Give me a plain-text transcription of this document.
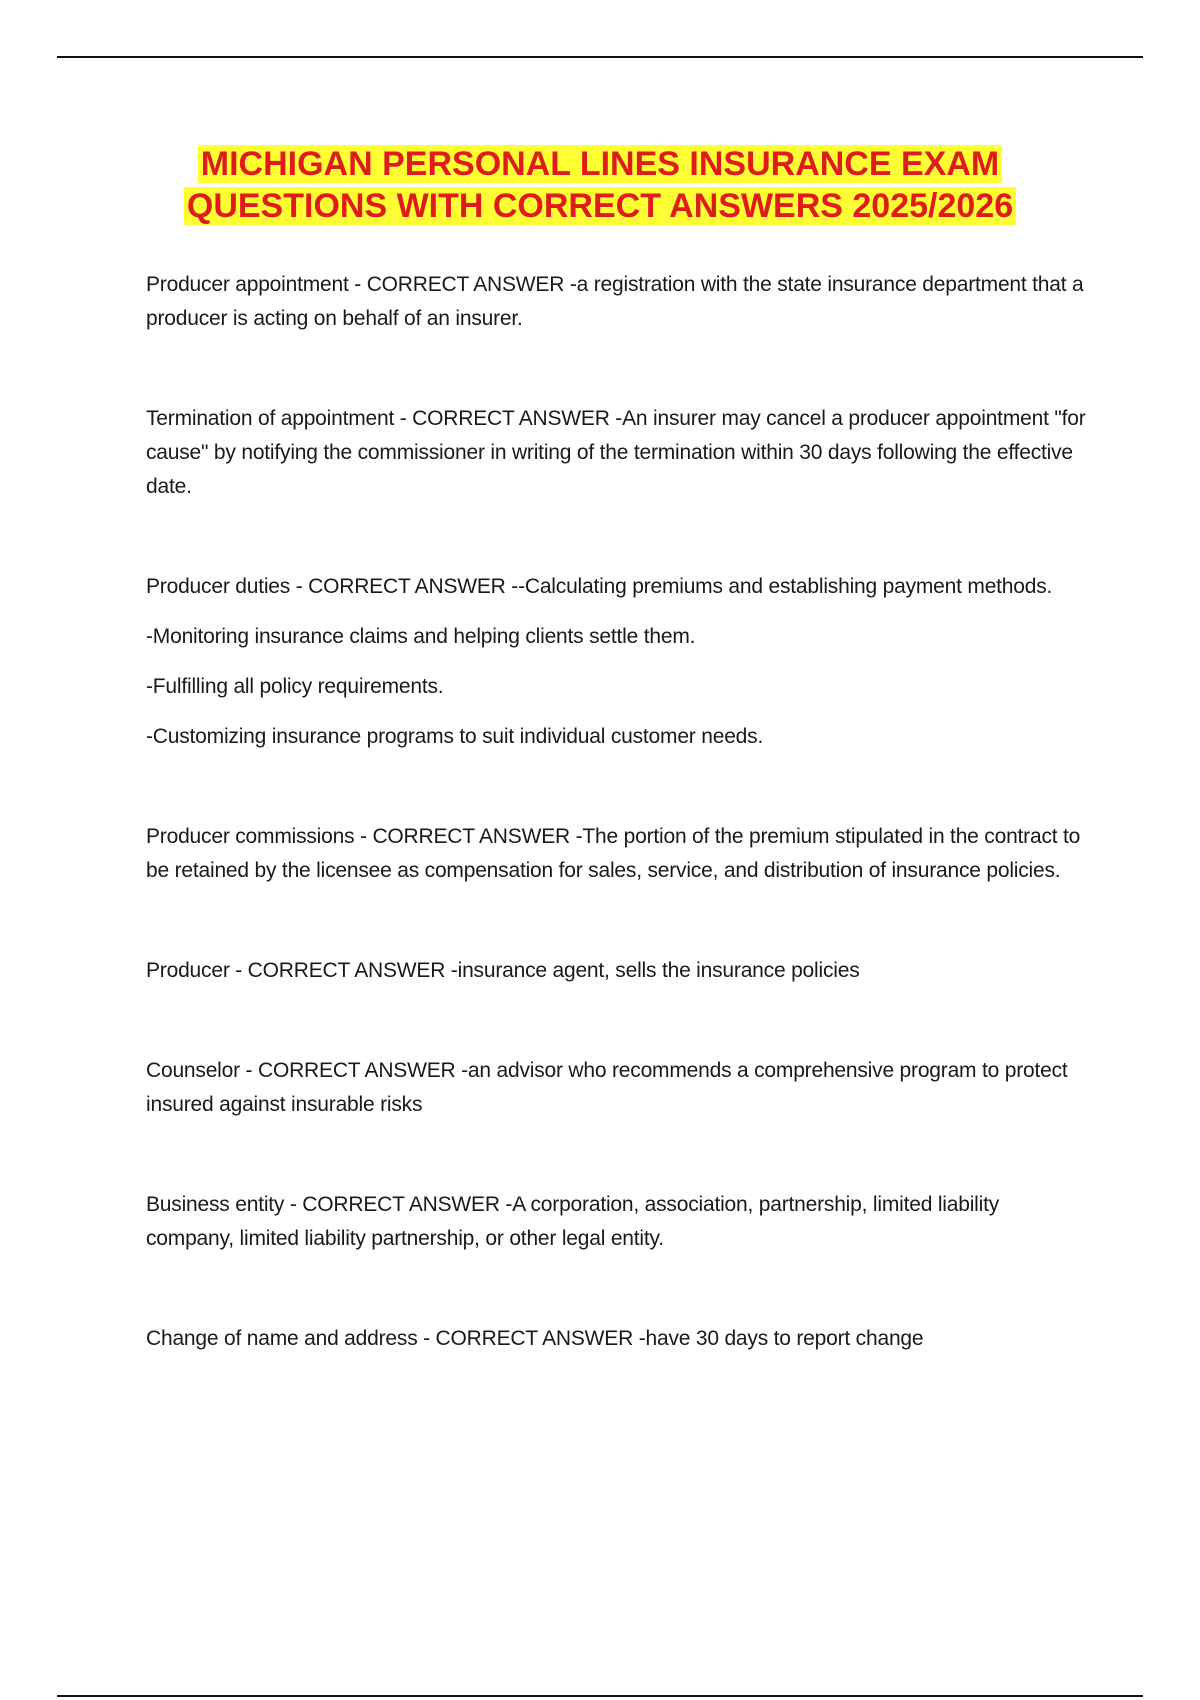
MICHIGAN PERSONAL LINES INSURANCE EXAM
QUESTIONS WITH CORRECT ANSWERS 2025/2026

Producer appointment - CORRECT ANSWER -a registration with the state insurance department that a producer is acting on behalf of an insurer.

Termination of appointment - CORRECT ANSWER -An insurer may cancel a producer appointment "for cause" by notifying the commissioner in writing of the termination within 30 days following the effective date.

Producer duties - CORRECT ANSWER --Calculating premiums and establishing payment methods.

-Monitoring insurance claims and helping clients settle them.

-Fulfilling all policy requirements.

-Customizing insurance programs to suit individual customer needs.

Producer commissions - CORRECT ANSWER -The portion of the premium stipulated in the contract to be retained by the licensee as compensation for sales, service, and distribution of insurance policies.

Producer - CORRECT ANSWER -insurance agent, sells the insurance policies

Counselor - CORRECT ANSWER -an advisor who recommends a comprehensive program to protect insured against insurable risks

Business entity - CORRECT ANSWER -A corporation, association, partnership, limited liability company, limited liability partnership, or other legal entity.

Change of name and address - CORRECT ANSWER -have 30 days to report change
